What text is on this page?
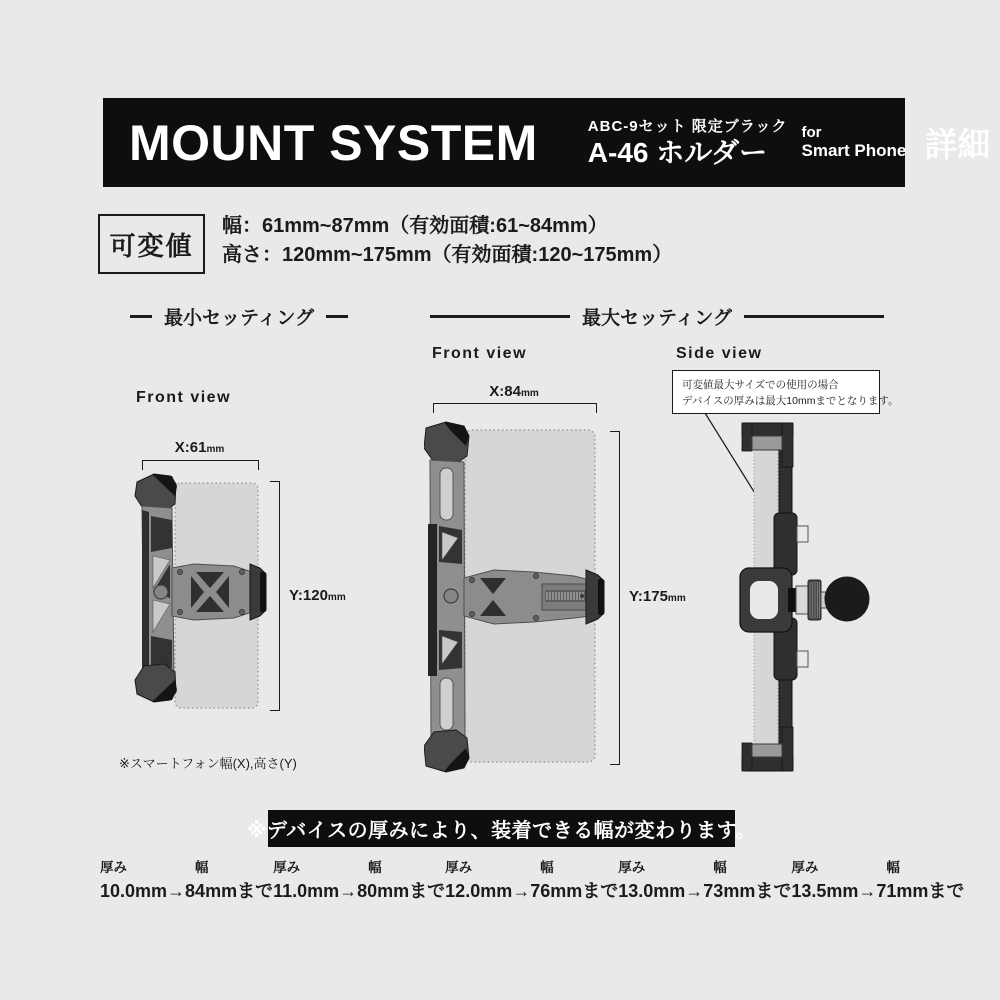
MOUNT SYSTEM	ABC-9セット 限定ブラック
A-46 ホルダー
for
Smart Phone 詳細
可変値
幅：61mm~87mm（有効面積:61~84mm）
高さ：120mm~175mm（有効面積:120~175mm）
最小セッティング	最大セッティング
Front view
Front view	Side view
可変値最大サイズでの使用の場合
デバイスの厚みは最大10mmまでとなります。
X:61mm
Y:120mm
※スマートフォン幅(X),高さ(Y)
X:84mm
Y:175mm
※デバイスの厚みにより、装着できる幅が変わります。
厚み	幅
10.0mm→84mmまで
厚み	幅
11.0mm→80mmまで
厚み	幅
12.0mm→76mmまで
厚み	幅
13.0mm→73mmまで
厚み	幅
13.5mm→71mmまで
